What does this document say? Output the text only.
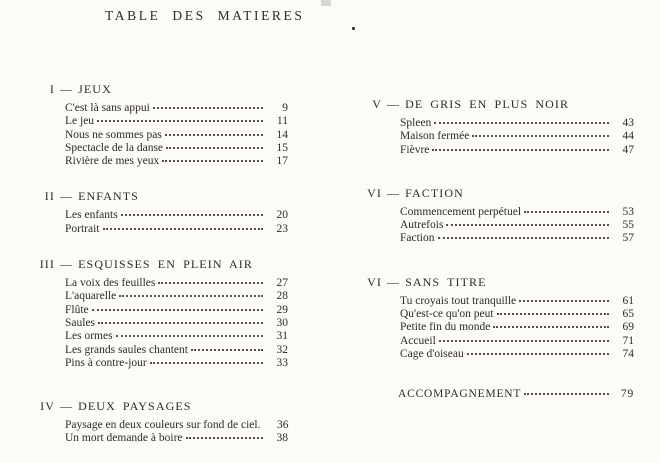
TABLE DES MATIERES
I — JEUX
C'est là sans appui	9
Le jeu	11
Nous ne sommes pas	14
Spectacle de la danse	15
Rivière de mes yeux	17
II — ENFANTS
Les enfants	20
Portrait	23
III — ESQUISSES EN PLEIN AIR
La voix des feuilles	27
L'aquarelle	28
Flûte	29
Saules	30
Les ormes	31
Les grands saules chantent	32
Pins à contre-jour	33
IV — DEUX PAYSAGES
Paysage en deux couleurs sur fond de ciel.	36
Un mort demande à boire	38
V — DE GRIS EN PLUS NOIR
Spleen	43
Maison fermée	44
Fièvre	47
VI — FACTION
Commencement perpétuel	53
Autrefois	55
Faction	57
VI — SANS TITRE
Tu croyais tout tranquille	61
Qu'est-ce qu'on peut	65
Petite fin du monde	69
Accueil	71
Cage d'oiseau	74
ACCOMPAGNEMENT	79
